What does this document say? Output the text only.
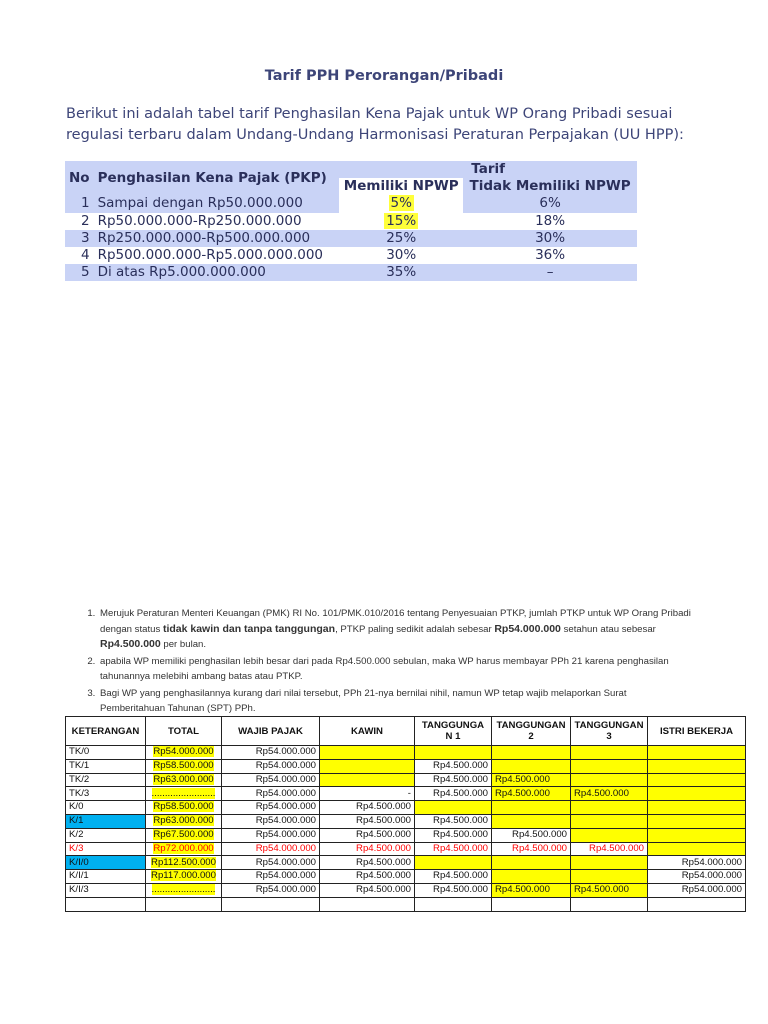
Tarif PPH Perorangan/Pribadi

Berikut ini adalah tabel tarif Penghasilan Kena Pajak untuk WP Orang Pribadi sesuai regulasi terbaru dalam Undang-Undang Harmonisasi Peraturan Perpajakan (UU HPP):

No	Penghasilan Kena Pajak (PKP)	Tarif	
		Memiliki NPWP	Tidak Memiliki NPWP
1	Sampai dengan Rp50.000.000	5%	6%
2	Rp50.000.000-Rp250.000.000	15%	18%
3	Rp250.000.000-Rp500.000.000	25%	30%
4	Rp500.000.000-Rp5.000.000.000	30%	36%
5	Di atas Rp5.000.000.000	35%	–
1. Merujuk Peraturan Menteri Keuangan (PMK) RI No. 101/PMK.010/2016 tentang Penyesuaian PTKP, jumlah PTKP untuk WP Orang Pribadi dengan status tidak kawin dan tanpa tanggungan, PTKP paling sedikit adalah sebesar Rp54.000.000 setahun atau sebesar Rp4.500.000 per bulan.
2. apabila WP memiliki penghasilan lebih besar dari pada Rp4.500.000 sebulan, maka WP harus membayar PPh 21 karena penghasilan tahunannya melebihi ambang batas atau PTKP.
3. Bagi WP yang penghasilannya kurang dari nilai tersebut, PPh 21-nya bernilai nihil, namun WP tetap wajib melaporkan Surat Pemberitahuan Tahunan (SPT) PPh.
KETERANGAN	TOTAL	WAJIB PAJAK	KAWIN	TANGGUNGA N 1	TANGGUNGAN 2	TANGGUNGAN 3	ISTRI BEKERJA
TK/0	Rp54.000.000	Rp54.000.000					
TK/1	Rp58.500.000	Rp54.000.000		Rp4.500.000			
TK/2	Rp63.000.000	Rp54.000.000		Rp4.500.000	Rp4.500.000		
TK/3	........................	Rp54.000.000	-	Rp4.500.000	Rp4.500.000	Rp4.500.000	
K/0	Rp58.500.000	Rp54.000.000	Rp4.500.000				
K/1	Rp63.000.000	Rp54.000.000	Rp4.500.000	Rp4.500.000			
K/2	Rp67.500.000	Rp54.000.000	Rp4.500.000	Rp4.500.000	Rp4.500.000		
K/3	Rp72.000.000	Rp54.000.000	Rp4.500.000	Rp4.500.000	Rp4.500.000	Rp4.500.000	
K/I/0	Rp112.500.000	Rp54.000.000	Rp4.500.000				Rp54.000.000
K/I/1	Rp117.000.000	Rp54.000.000	Rp4.500.000	Rp4.500.000			Rp54.000.000
K/I/3	........................	Rp54.000.000	Rp4.500.000	Rp4.500.000	Rp4.500.000	Rp4.500.000	Rp54.000.000
